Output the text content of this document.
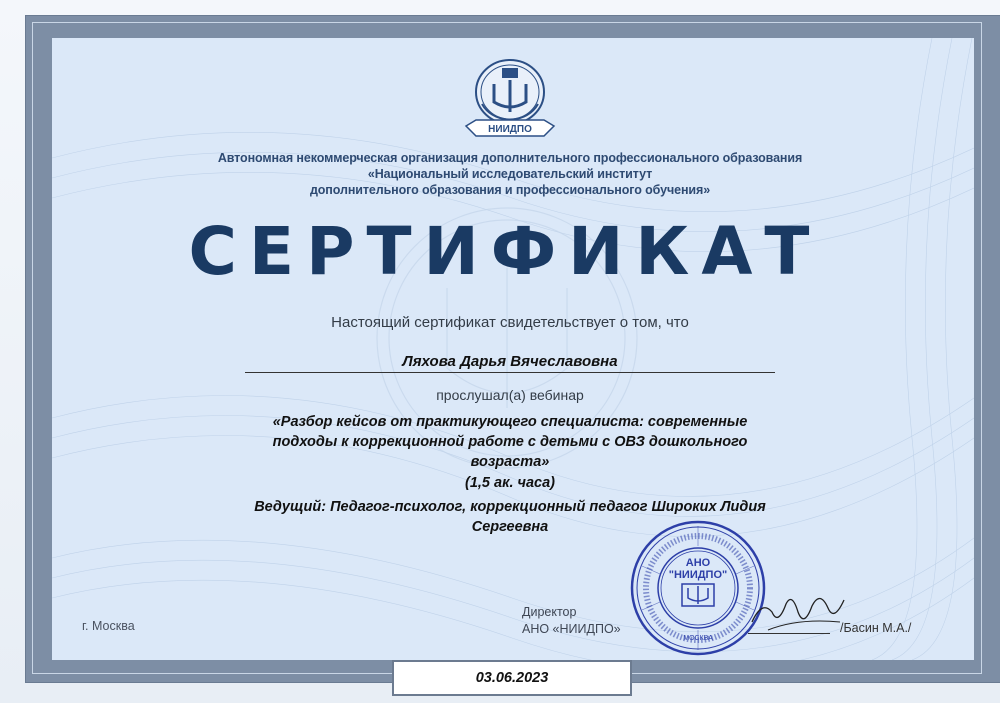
НИИДПО
Автономная некоммерческая организация дополнительного профессионального образования
«Национальный исследовательский институт
дополнительного образования и профессионального обучения»
СЕРТИФИКАТ
Настоящий сертификат свидетельствует о том, что
Ляхова Дарья Вячеславовна
прослушал(а) вебинар
«Разбор кейсов от практикующего специалиста: современные
подходы к коррекционной работе с детьми с ОВЗ дошкольного
возраста»
(1,5 ак. часа)
Ведущий: Педагог-психолог, коррекционный педагог Широких Лидия
Сергеевна
г. Москва
Директор
АНО «НИИДПО»
АНО
"НИИДПО"
МОСКВА
/Басин М.А./
03.06.2023
